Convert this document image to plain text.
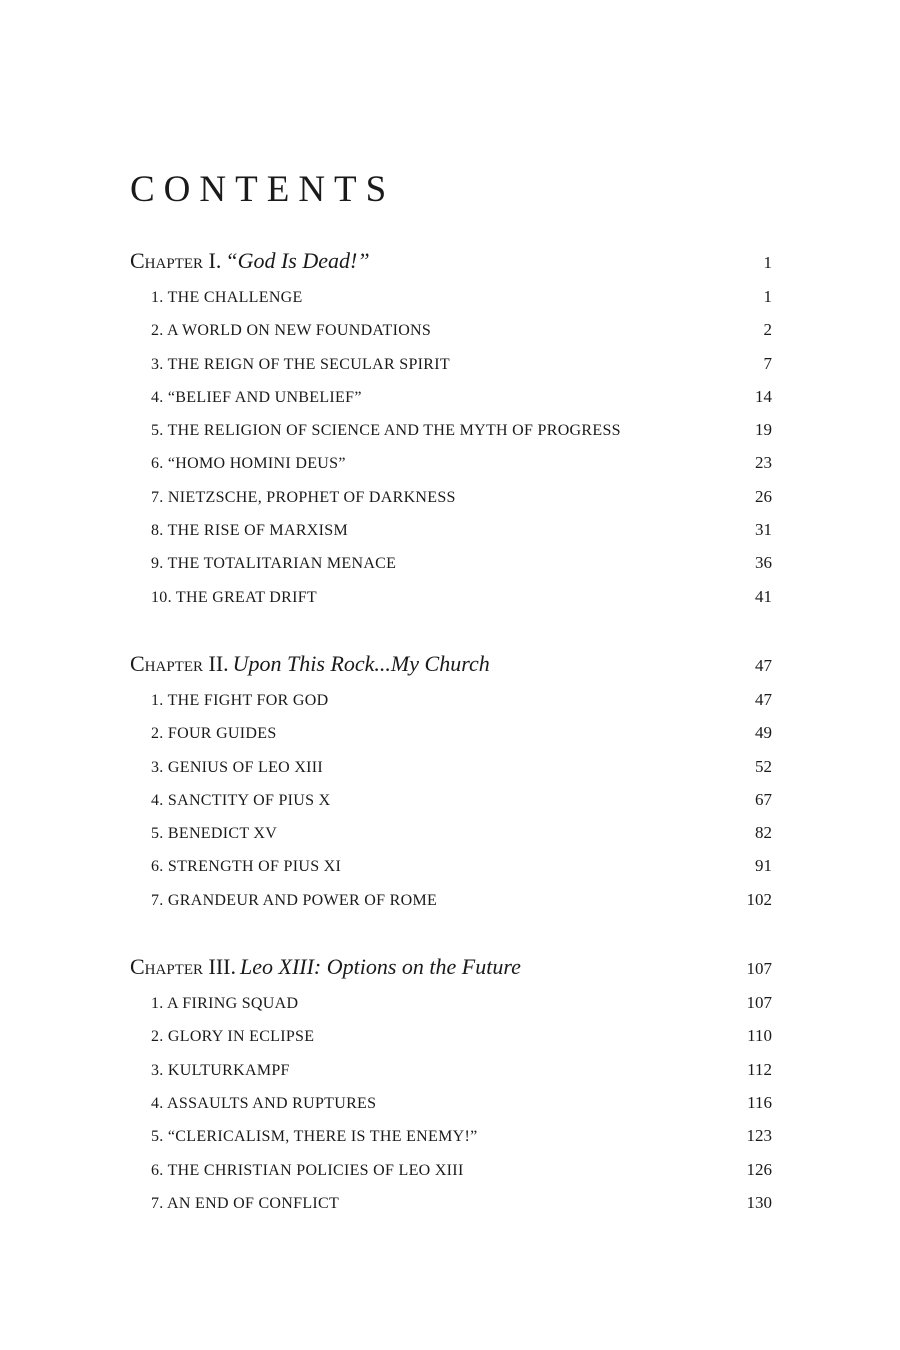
CONTENTS
Chapter I. “God Is Dead!”	1
1. THE CHALLENGE	1
2. A WORLD ON NEW FOUNDATIONS	2
3. THE REIGN OF THE SECULAR SPIRIT	7
4. “BELIEF AND UNBELIEF”	14
5. THE RELIGION OF SCIENCE AND THE MYTH OF PROGRESS	19
6. “HOMO HOMINI DEUS”	23
7. NIETZSCHE, PROPHET OF DARKNESS	26
8. THE RISE OF MARXISM	31
9. THE TOTALITARIAN MENACE	36
10. THE GREAT DRIFT	41
Chapter II. Upon This Rock...My Church	47
1. THE FIGHT FOR GOD	47
2. FOUR GUIDES	49
3. GENIUS OF LEO XIII	52
4. SANCTITY OF PIUS X	67
5. BENEDICT XV	82
6. STRENGTH OF PIUS XI	91
7. GRANDEUR AND POWER OF ROME	102
Chapter III. Leo XIII: Options on the Future	107
1. A FIRING SQUAD	107
2. GLORY IN ECLIPSE	110
3. KULTURKAMPF	112
4. ASSAULTS AND RUPTURES	116
5. “CLERICALISM, THERE IS THE ENEMY!”	123
6. THE CHRISTIAN POLICIES OF LEO XIII	126
7. AN END OF CONFLICT	130
